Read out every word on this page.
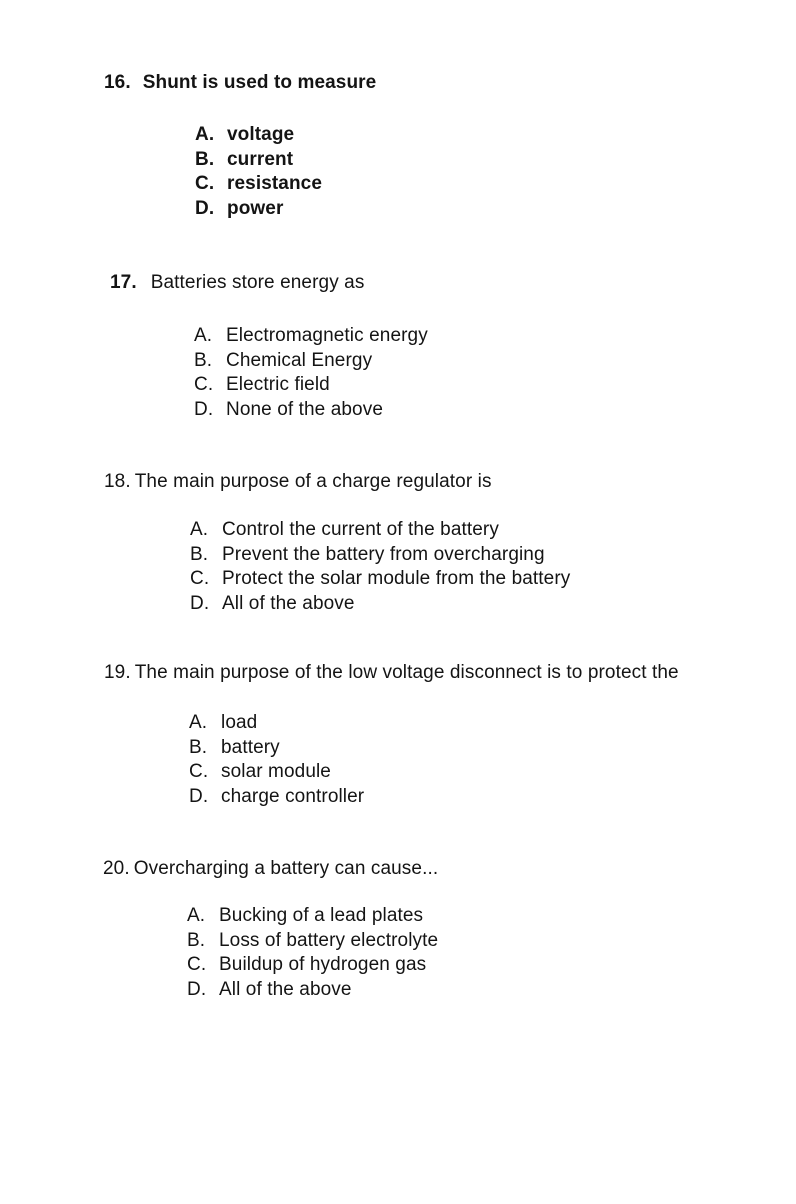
16. Shunt is used to measure
A. voltage
B. current
C. resistance
D. power
17. Batteries store energy as
A. Electromagnetic energy
B. Chemical Energy
C. Electric field
D. None of the above
18. The main purpose of a charge regulator is
A. Control the current of the battery
B. Prevent the battery from overcharging
C. Protect the solar module from the battery
D. All of the above
19. The main purpose of the low voltage disconnect is to protect the
A. load
B. battery
C. solar module
D. charge controller
20. Overcharging a battery can cause...
A. Bucking of a lead plates
B. Loss of battery electrolyte
C. Buildup of hydrogen gas
D. All of the above
